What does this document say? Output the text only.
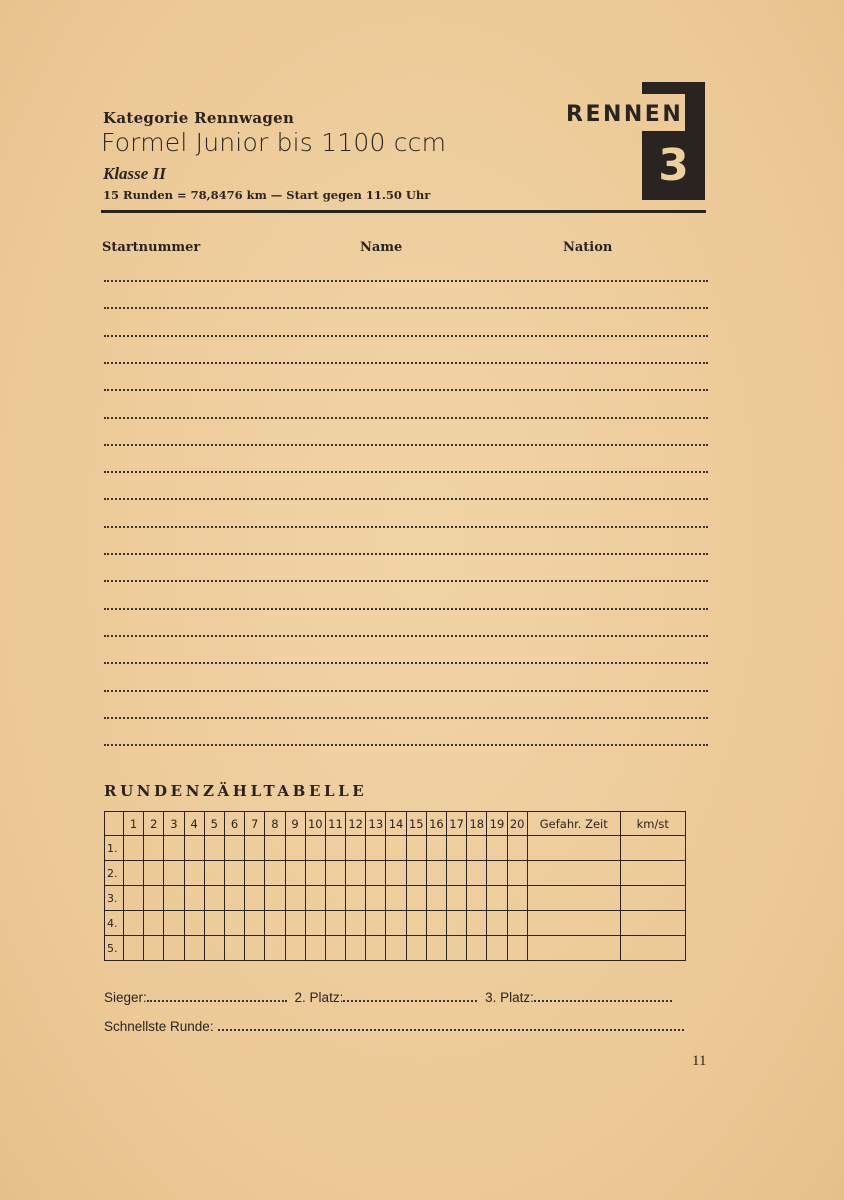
Kategorie Rennwagen
Formel Junior bis 1100 ccm
Klasse II
15 Runden = 78,8476 km — Start gegen 11.50 Uhr
RENNEN
3
Startnummer	Name	Nation
RUNDENZÄHLTABELLE
	1	2	3	4	5	6	7	8	9	10	11	12	13	14	15	16	17	18	19	20	Gefahr. Zeit	km/st
1.																						
2.																						
3.																						
4.																						
5.																						
Sieger:	2. Platz:	3. Platz:
Schnellste Runde:
11
